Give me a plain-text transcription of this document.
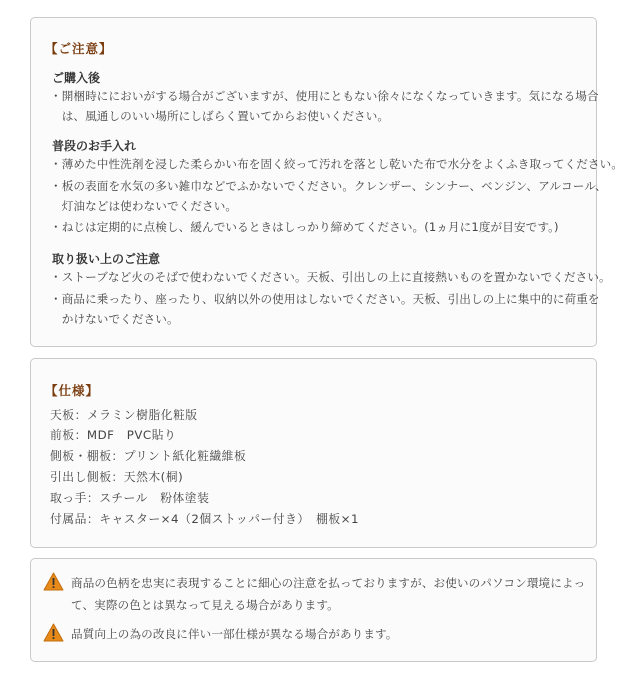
【ご注意】
ご購入後
・開梱時ににおいがする場合がございますが、使用にともない徐々になくなっていきます。気になる場合
　は、風通しのいい場所にしばらく置いてからお使いください。
普段のお手入れ
・薄めた中性洗剤を浸した柔らかい布を固く絞って汚れを落とし乾いた布で水分をよくふき取ってください。
・板の表面を水気の多い雑巾などでふかないでください。クレンザー、シンナー、ベンジン、アルコール、
　灯油などは使わないでください。
・ねじは定期的に点検し、緩んでいるときはしっかり締めてください。(1ヵ月に1度が目安です。)
取り扱い上のご注意
・ストーブなど火のそばで使わないでください。天板、引出しの上に直接熱いものを置かないでください。
・商品に乗ったり、座ったり、収納以外の使用はしないでください。天板、引出しの上に集中的に荷重を
　かけないでください。
【仕様】
天板：メラミン樹脂化粧版
前板：MDF　PVC貼り
側板・棚板：プリント紙化粧繊維板
引出し側板：天然木(桐)
取っ手：スチール　粉体塗装
付属品：キャスター×4（2個ストッパー付き）　棚板×1
商品の色柄を忠実に表現することに細心の注意を払っておりますが、お使いのパソコン環境によっ
て、実際の色とは異なって見える場合があります。
品質向上の為の改良に伴い一部仕様が異なる場合があります。
